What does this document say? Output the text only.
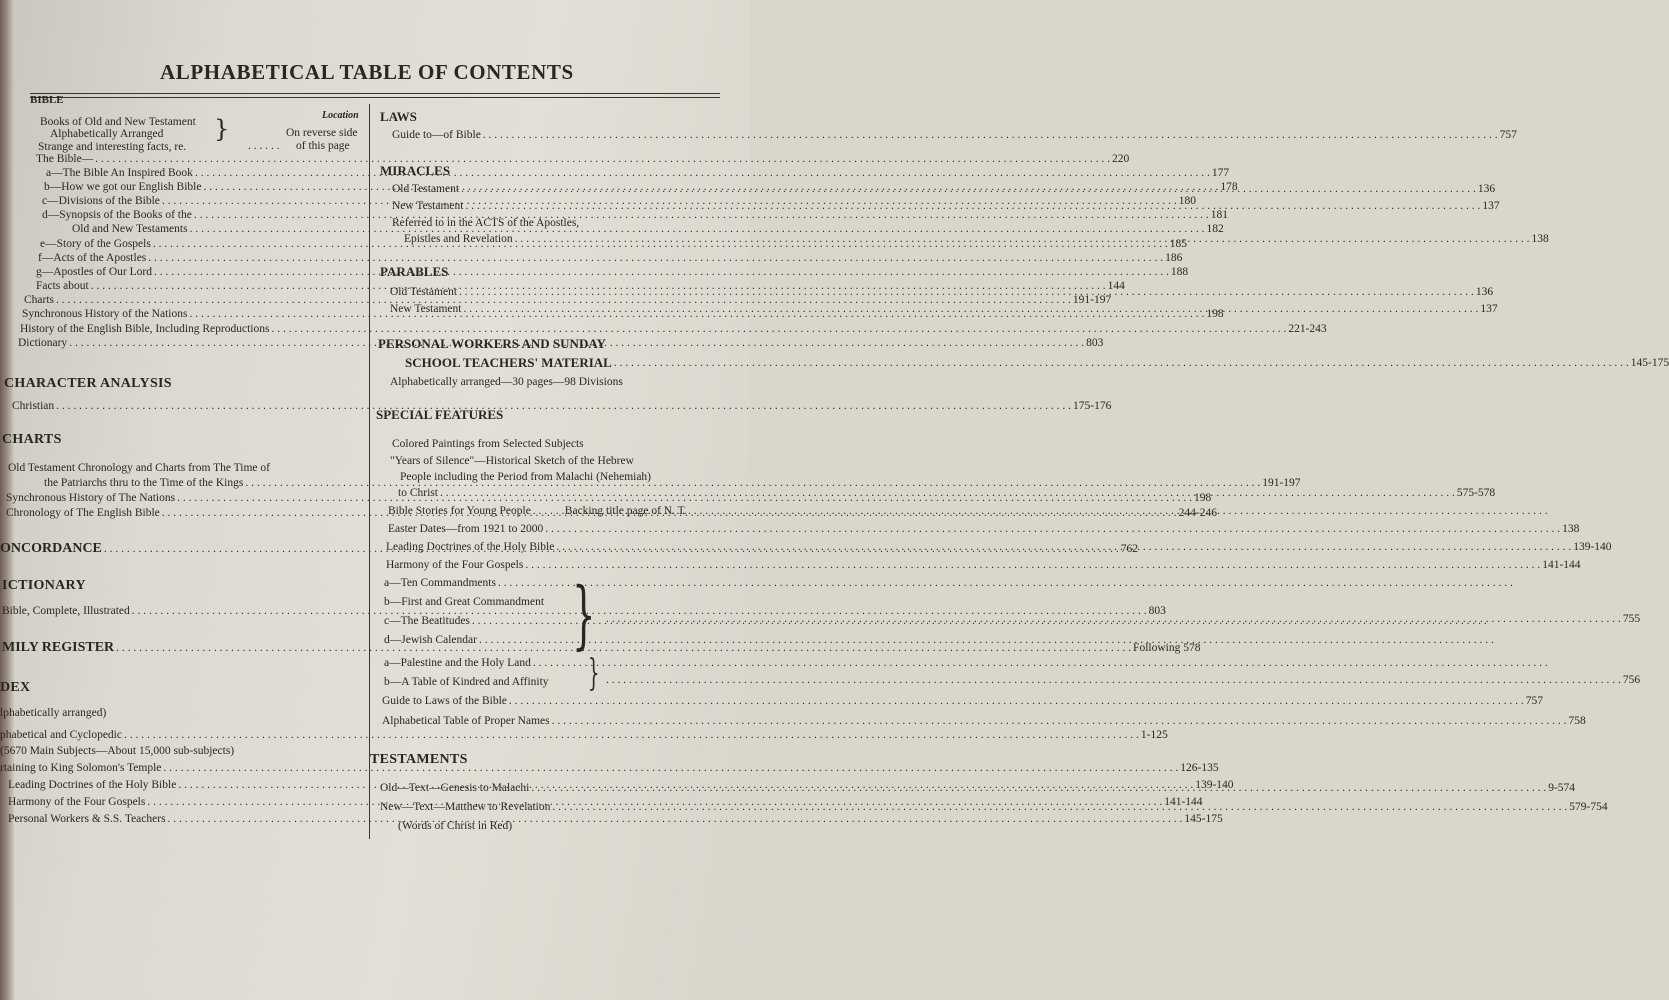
ALPHABETICAL TABLE OF CONTENTS
BIBLE
Location
Books of Old and New Testament
Alphabetically Arranged }	On reverse side
. . . . . . of this page
Strange and interesting facts, re.
The Bible— . . .	220
a—The Bible An Inspired Book . . .	177
b—How we got our English Bible . . .	178
c—Divisions of the Bible . . .	180
d—Synopsis of the Books of the . . .	181
Old and New Testaments . . .	182
e—Story of the Gospels . . .	185
f—Acts of the Apostles . . .	186
g—Apostles of Our Lord . . .	188
Facts about . . .	144
Charts . . .	191-197
Synchronous History of the Nations . . .	198
History of the English Bible, Including Reproductions . . .	221-243
Dictionary . . .	803
CHARACTER ANALYSIS
Christian . . .	175-176
CHARTS
Old Testament Chronology and Charts from The Time of
the Patriarchs thru to the Time of the Kings . . .	191-197
Synchronous History of The Nations . . .	198
Chronology of The English Bible . . .	244-246
ONCORDANCE . . .	762
ICTIONARY
Bible, Complete, Illustrated . . .	803
MILY REGISTER . . .	Following 578
DEX
lphabetically arranged)
phabetical and Cyclopedic . . .	1-125
(5670 Main Subjects—About 15,000 sub-subjects)
rtaining to King Solomon's Temple . . .	126-135
Leading Doctrines of the Holy Bible . . .	139-140
Harmony of the Four Gospels . . .	141-144
Personal Workers & S.S. Teachers . . .	145-175
LAWS
Guide to—of Bible . . .	757
MIRACLES
Old Testament . . .	136
New Testament . . .	137
Referred to in the ACTS of the Apostles,
Epistles and Revelation . . .	138
PARABLES
Old Testament . . .	136
New Testament . . .	137
PERSONAL WORKERS AND SUNDAY
SCHOOL TEACHERS' MATERIAL . . .	145-175
Alphabetically arranged—30 pages—98 Divisions
SPECIAL FEATURES
Colored Paintings from Selected Subjects
"Years of Silence"—Historical Sketch of the Hebrew
People including the Period from Malachi (Nehemiah)
to Christ . . .	575-578
Bible Stories for Young People . . .	Backing title page of N. T.
Easter Dates—from 1921 to 2000 . . .	138
Leading Doctrines of the Holy Bible . . .	139-140
Harmony of the Four Gospels . . .	141-144
a—Ten Commandments
. . .
b—First and Great Commandment
c—The Beatitudes
. . .
d—Jewish Calendar . . . } . . .	755
a—Palestine and the Holy Land
. . .
b—A Table of Kindred and Affinity } . . .	756
Guide to Laws of the Bible . . .	757
Alphabetical Table of Proper Names . . .	758
TESTAMENTS
Old—Text—Genesis to Malachi . . .	9-574
New—Text—Matthew to Revelation . . .	579-754
(Words of Christ in Red)
